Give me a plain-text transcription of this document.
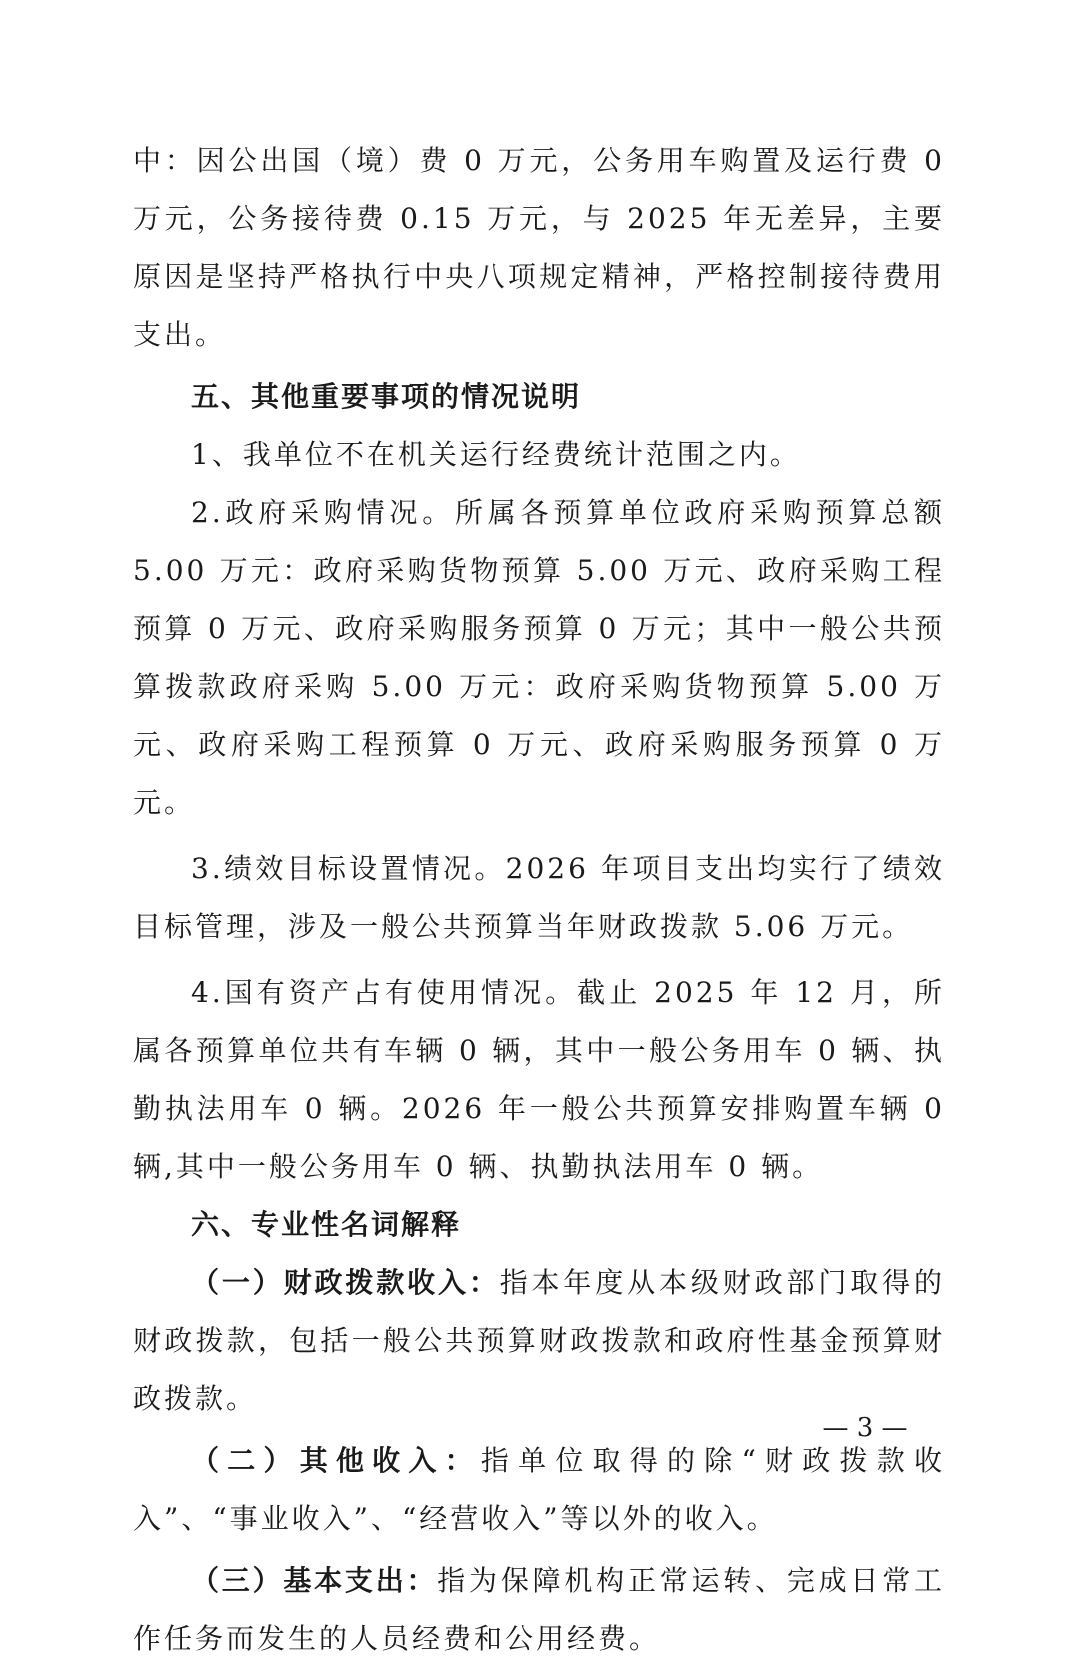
中：因公出国（境）费 0 万元，公务用车购置及运行费 0 万元，公务接待费 0.15 万元，与 2025 年无差异，主要原因是坚持严格执行中央八项规定精神，严格控制接待费用支出。

五、其他重要事项的情况说明

1、我单位不在机关运行经费统计范围之内。

2.政府采购情况。所属各预算单位政府采购预算总额 5.00 万元：政府采购货物预算 5.00 万元、政府采购工程预算 0 万元、政府采购服务预算 0 万元；其中一般公共预算拨款政府采购 5.00 万元：政府采购货物预算 5.00 万元、政府采购工程预算 0 万元、政府采购服务预算 0 万元。

3.绩效目标设置情况。2026 年项目支出均实行了绩效目标管理，涉及一般公共预算当年财政拨款 5.06 万元。

4.国有资产占有使用情况。截止 2025 年 12 月，所属各预算单位共有车辆 0 辆，其中一般公务用车 0 辆、执勤执法用车 0 辆。2026 年一般公共预算安排购置车辆 0 辆,其中一般公务用车 0 辆、执勤执法用车 0 辆。

六、专业性名词解释

（一）财政拨款收入：指本年度从本级财政部门取得的财政拨款，包括一般公共预算财政拨款和政府性基金预算财政拨款。

（二）其他收入：指单位取得的除“财政拨款收入”、“事业收入”、“经营收入”等以外的收入。

（三）基本支出：指为保障机构正常运转、完成日常工作任务而发生的人员经费和公用经费。

— 3 —
